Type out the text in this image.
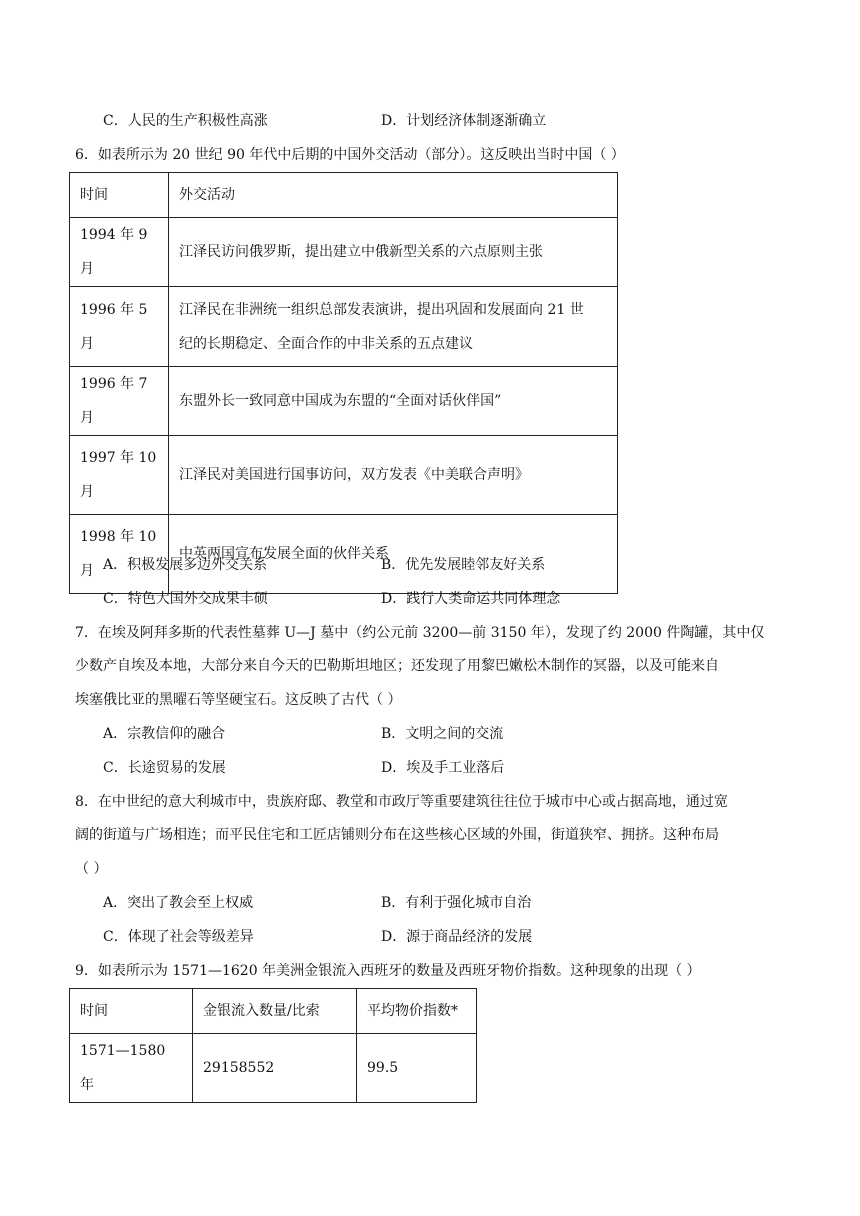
C．人民的生产积极性高涨	D．计划经济体制逐渐确立
6．如表所示为 20 世纪 90 年代中后期的中国外交活动（部分）。这反映出当时中国（ ）
时间	外交活动
1994 年 9 月	江泽民访问俄罗斯，提出建立中俄新型关系的六点原则主张
1996 年 5 月	江泽民在非洲统一组织总部发表演讲，提出巩固和发展面向 21 世
纪的长期稳定、全面合作的中非关系的五点建议

1996 年 7 月	东盟外长一致同意中国成为东盟的“全面对话伙伴国”

1997 年 10
月	江泽民对美国进行国事访问，双方发表《中美联合声明》

1998 年 10
月	中英两国宣布发展全面的伙伴关系
A．积极发展多边外交关系	B．优先发展睦邻友好关系
C．特色大国外交成果丰硕	D．践行人类命运共同体理念
7．在埃及阿拜多斯的代表性墓葬 U—J 墓中（约公元前 3200—前 3150 年），发现了约 2000 件陶罐，其中仅
少数产自埃及本地，大部分来自今天的巴勒斯坦地区；还发现了用黎巴嫩松木制作的冥器，以及可能来自
埃塞俄比亚的黑曜石等坚硬宝石。这反映了古代（ ）
A．宗教信仰的融合	B．文明之间的交流
C．长途贸易的发展	D．埃及手工业落后
8．在中世纪的意大利城市中，贵族府邸、教堂和市政厅等重要建筑往往位于城市中心或占据高地，通过宽
阔的街道与广场相连；而平民住宅和工匠店铺则分布在这些核心区域的外围，街道狭窄、拥挤。这种布局
（ ）
A．突出了教会至上权威	B．有利于强化城市自治
C．体现了社会等级差异	D．源于商品经济的发展
9．如表所示为 1571—1620 年美洲金银流入西班牙的数量及西班牙物价指数。这种现象的出现（ ）
时间	金银流入数量/比索	平均物价指数*
1571—1580 年	29158552	99.5
